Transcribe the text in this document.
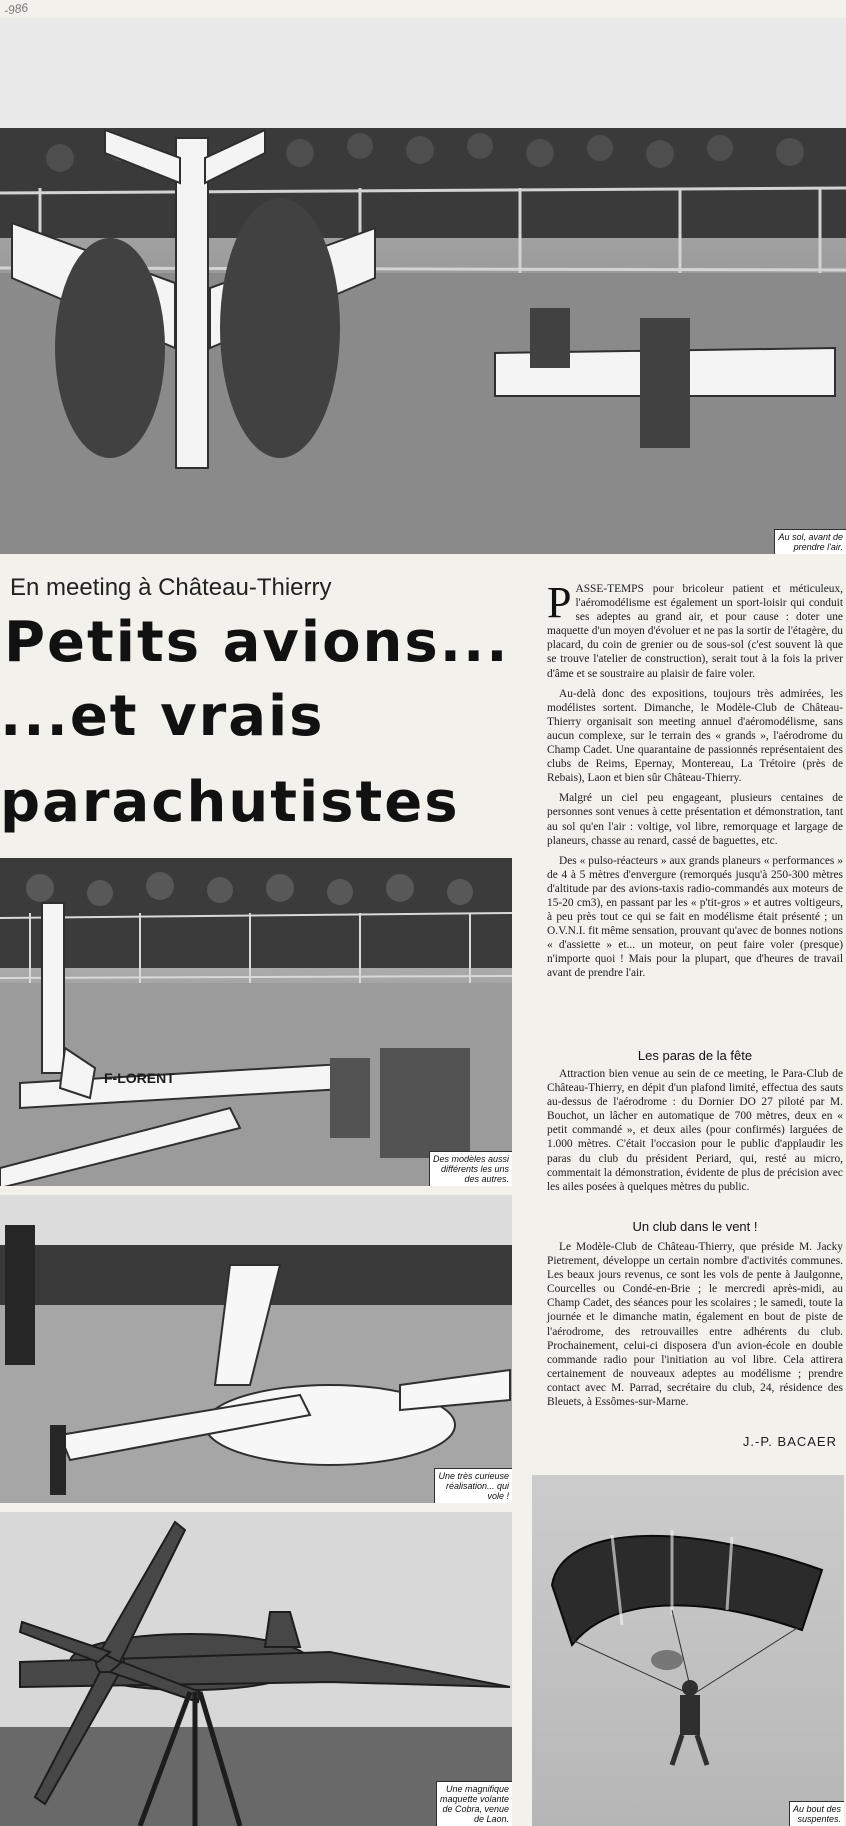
-986
Au sol, avant de
prendre l'air.
En meeting à Château-Thierry
Petits avions...
...et vrais
parachutistes
F-LORENT
Des modèles aussi
différents les uns
des autres.
Une très curieuse
réalisation... qui
vole !
Une magnifique
maquette volante
de Cobra, venue
de Laon.
Au bout des
suspentes.

PASSE-TEMPS pour bricoleur patient et méticuleux, l'aéromodélisme est également un sport-loisir qui conduit ses adeptes au grand air, et pour cause : doter une maquette d'un moyen d'évoluer et ne pas la sortir de l'étagère, du placard, du coin de grenier ou de sous-sol (c'est souvent là que se trouve l'atelier de construction), serait tout à la fois la priver d'âme et se soustraire au plaisir de faire voler.

Au-delà donc des expositions, toujours très admirées, les modélistes sortent. Dimanche, le Modèle-Club de Château-Thierry organisait son meeting annuel d'aéromodélisme, sans aucun complexe, sur le terrain des « grands », l'aérodrome du Champ Cadet. Une quarantaine de passionnés représentaient des clubs de Reims, Epernay, Montereau, La Trétoire (près de Rebais), Laon et bien sûr Château-Thierry.

Malgré un ciel peu engageant, plusieurs centaines de personnes sont venues à cette présentation et démonstration, tant au sol qu'en l'air : voltige, vol libre, remorquage et largage de planeurs, chasse au renard, cassé de baguettes, etc.

Des « pulso-réacteurs » aux grands planeurs « performances » de 4 à 5 mètres d'envergure (remorqués jusqu'à 250-300 mètres d'altitude par des avions-taxis radio-commandés aux moteurs de 15-20 cm3), en passant par les « p'tit-gros » et autres voltigeurs, à peu près tout ce qui se fait en modélisme était présenté ; un O.V.N.I. fit même sensation, prouvant qu'avec de bonnes notions « d'assiette » et... un moteur, on peut faire voler (presque) n'importe quoi ! Mais pour la plupart, que d'heures de travail avant de prendre l'air.

Les paras de la fête

Attraction bien venue au sein de ce meeting, le Para-Club de Château-Thierry, en dépit d'un plafond limité, effectua des sauts au-dessus de l'aérodrome : du Dornier DO 27 piloté par M. Bouchot, un lâcher en automatique de 700 mètres, deux en « petit commandé », et deux ailes (pour confirmés) larguées de 1.000 mètres. C'était l'occasion pour le public d'applaudir les paras du club du président Periard, qui, resté au micro, commentait la démonstration, évidente de plus de précision avec les ailes posées à quelques mètres du public.

Un club dans le vent !

Le Modèle-Club de Château-Thierry, que préside M. Jacky Pietrement, développe un certain nombre d'activités communes. Les beaux jours revenus, ce sont les vols de pente à Jaulgonne, Courcelles ou Condé-en-Brie ; le mercredi après-midi, au Champ Cadet, des séances pour les scolaires ; le samedi, toute la journée et le dimanche matin, également en bout de piste de l'aérodrome, des retrouvailles entre adhérents du club. Prochainement, celui-ci disposera d'un avion-école en double commande radio pour l'initiation au vol libre. Cela attirera certainement de nouveaux adeptes au modélisme ; prendre contact avec M. Parrad, secrétaire du club, 24, résidence des Bleuets, à Essômes-sur-Marne.

J.-P. BACAER
